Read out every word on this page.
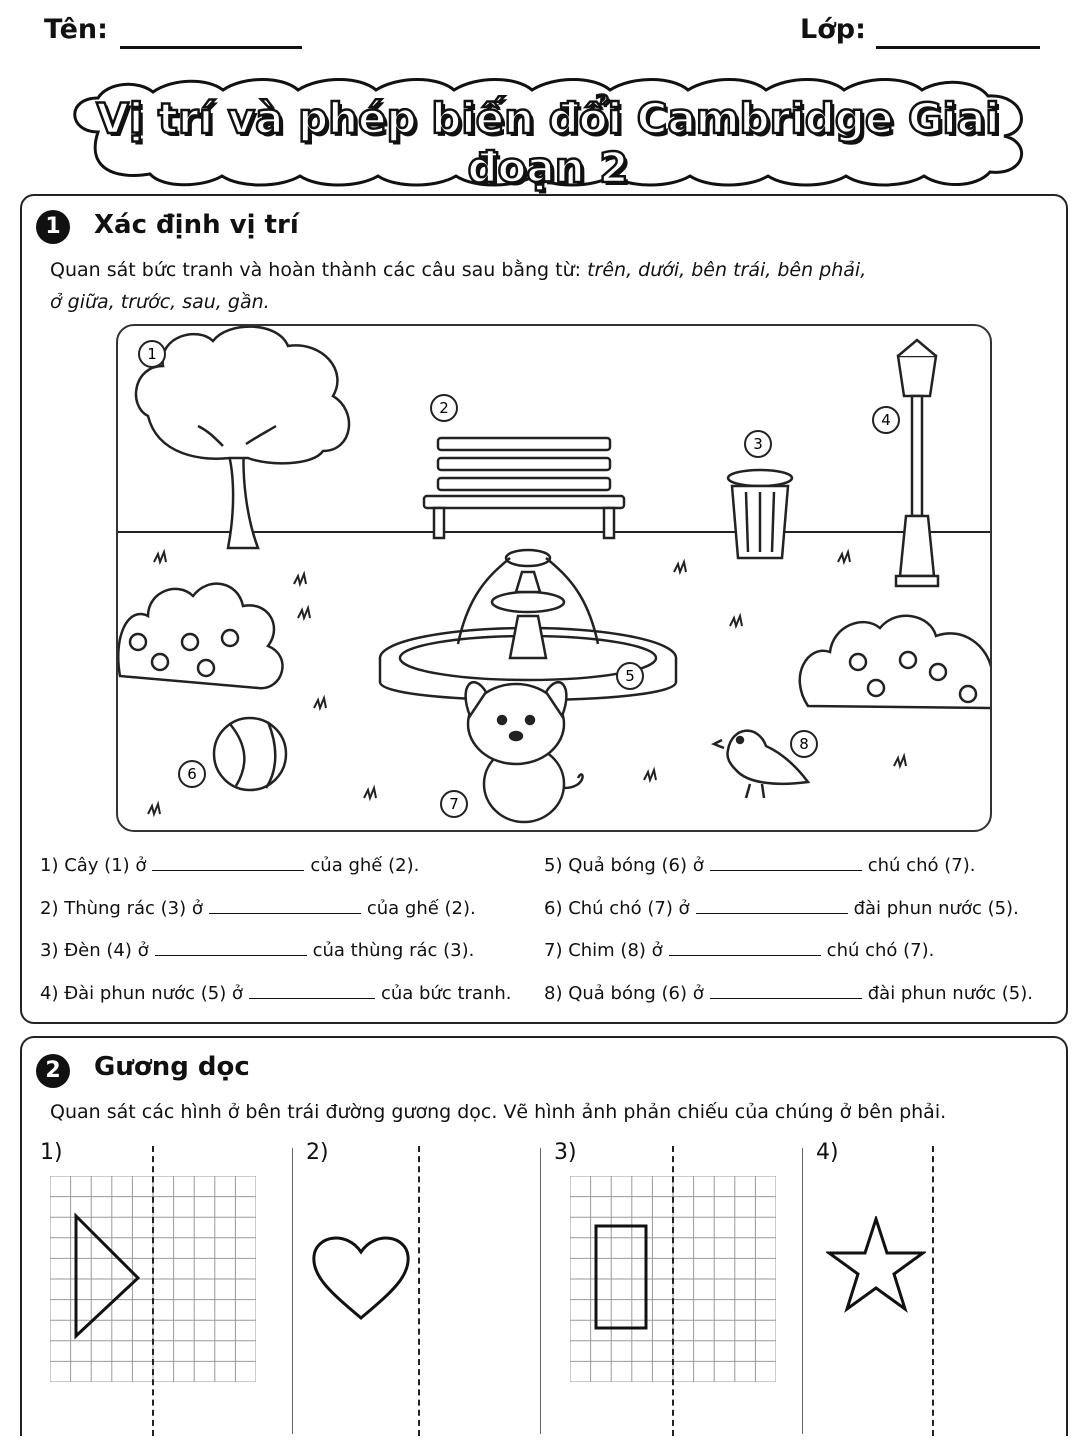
Tên:	Lớp:
Vị trí và phép biến đổi Cambridge Giai đoạn 2
1	Xác định vị trí
Quan sát bức tranh và hoàn thành các câu sau bằng từ: trên, dưới, bên trái, bên phải,
ở giữa, trước, sau, gần.
1
2
3
4
5
6
7
8
1) Cây (1) ở	của ghế (2).
2) Thùng rác (3) ở	của ghế (2).
3) Đèn (4) ở	của thùng rác (3).
4) Đài phun nước (5) ở	của bức tranh.
5) Quả bóng (6) ở	chú chó (7).
6) Chú chó (7) ở	đài phun nước (5).
7) Chim (8) ở	chú chó (7).
8) Quả bóng (6) ở	đài phun nước (5).
2	Gương dọc
Quan sát các hình ở bên trái đường gương dọc. Vẽ hình ảnh phản chiếu của chúng ở bên phải.
1)	2)	3)	4)
